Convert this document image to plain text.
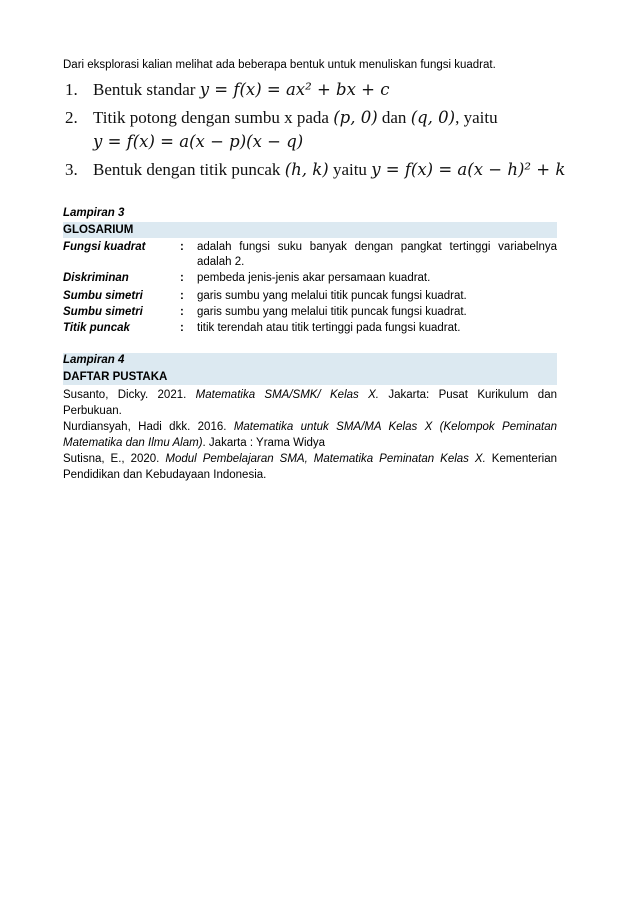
Dari eksplorasi kalian melihat ada beberapa bentuk untuk menuliskan fungsi kuadrat.
1. Bentuk standar y = f(x) = ax² + bx + c
2. Titik potong dengan sumbu x pada (p, 0) dan (q, 0), yaitu
y = f(x) = a(x − p)(x − q)
3. Bentuk dengan titik puncak (h, k) yaitu y = f(x) = a(x − h)² + k
Lampiran 3
GLOSARIUM
Fungsi kuadrat	: adalah fungsi suku banyak dengan pangkat tertinggi variabelnya adalah 2.
Diskriminan	: pembeda jenis-jenis akar persamaan kuadrat.
Sumbu simetri	: garis sumbu yang melalui titik puncak fungsi kuadrat.
Sumbu simetri	: garis sumbu yang melalui titik puncak fungsi kuadrat.
Titik puncak	: titik terendah atau titik tertinggi pada fungsi kuadrat.
Lampiran 4
DAFTAR PUSTAKA
Susanto, Dicky. 2021. Matematika SMA/SMK/ Kelas X. Jakarta: Pusat Kurikulum dan Perbukuan.
Nurdiansyah, Hadi dkk. 2016. Matematika untuk SMA/MA Kelas X (Kelompok Peminatan Matematika dan Ilmu Alam). Jakarta : Yrama Widya
Sutisna, E., 2020. Modul Pembelajaran SMA, Matematika Peminatan Kelas X. Kementerian Pendidikan dan Kebudayaan Indonesia.
